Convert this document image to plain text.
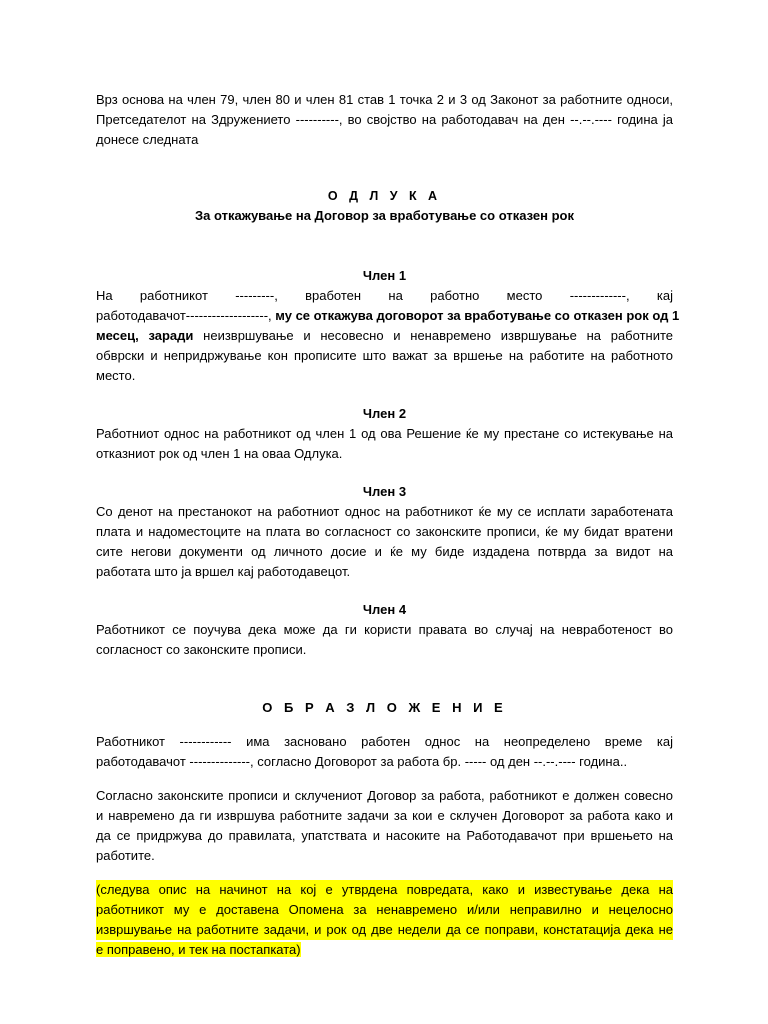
Врз основа на член 79, член 80 и член 81 став 1 точка 2 и 3 од Законот за работните односи,
Претседателот на Здружението ----------, во својство на работодавач на ден --.--.---- година ја
донесе следната
О Д Л У К А
За откажување на Договор за вработување со отказен рок
Член 1
На работникот ---------, вработен на работно место -------------, кај
работодавачот-------------------, му се откажува договорот за вработување со отказен рок од 1
месец, заради неизвршување и несовесно и ненавремено извршување на работните
обврски и непридржување кон прописите што важат за вршење на работите на работното
место.
Член 2
Работниот однос на работникот од член 1 од ова Решение ќе му престане со истекување на
отказниот рок од член 1 на оваа Одлука.
Член 3
Со денот на престанокот на работниот однос на работникот ќе му се исплати заработената
плата и надоместоците на плата во согласност со законските прописи, ќе му бидат вратени
сите негови документи од личното досие и ќе му биде издадена потврда за видот на
работата што ја вршел кај работодавецот.
Член 4
Работникот се поучува дека може да ги користи правата во случај на невработеност во
согласност со законските прописи.
О Б Р А З Л О Ж Е Н И Е
Работникот ------------ има засновано работен однос на неопределено време кај
работодавачот --------------, согласно Договорот за работа бр. ----- од ден --.--.---- година..
Согласно законските прописи и склучениот Договор за работа, работникот е должен совесно
и навремено да ги извршува работните задачи за кои е склучен Договорот за работа како и
да се придржува до правилата, упатствата и насоките на Работодавачот при вршењето на
работите.
(следува опис на начинот на кој е утврдена повредата, како и известување дека на
работникот му е доставена Опомена за ненавремено и/или неправилно и нецелосно
извршување на работните задачи, и рок од две недели да се поправи, констатација дека не
е поправено, и тек на постапката)
